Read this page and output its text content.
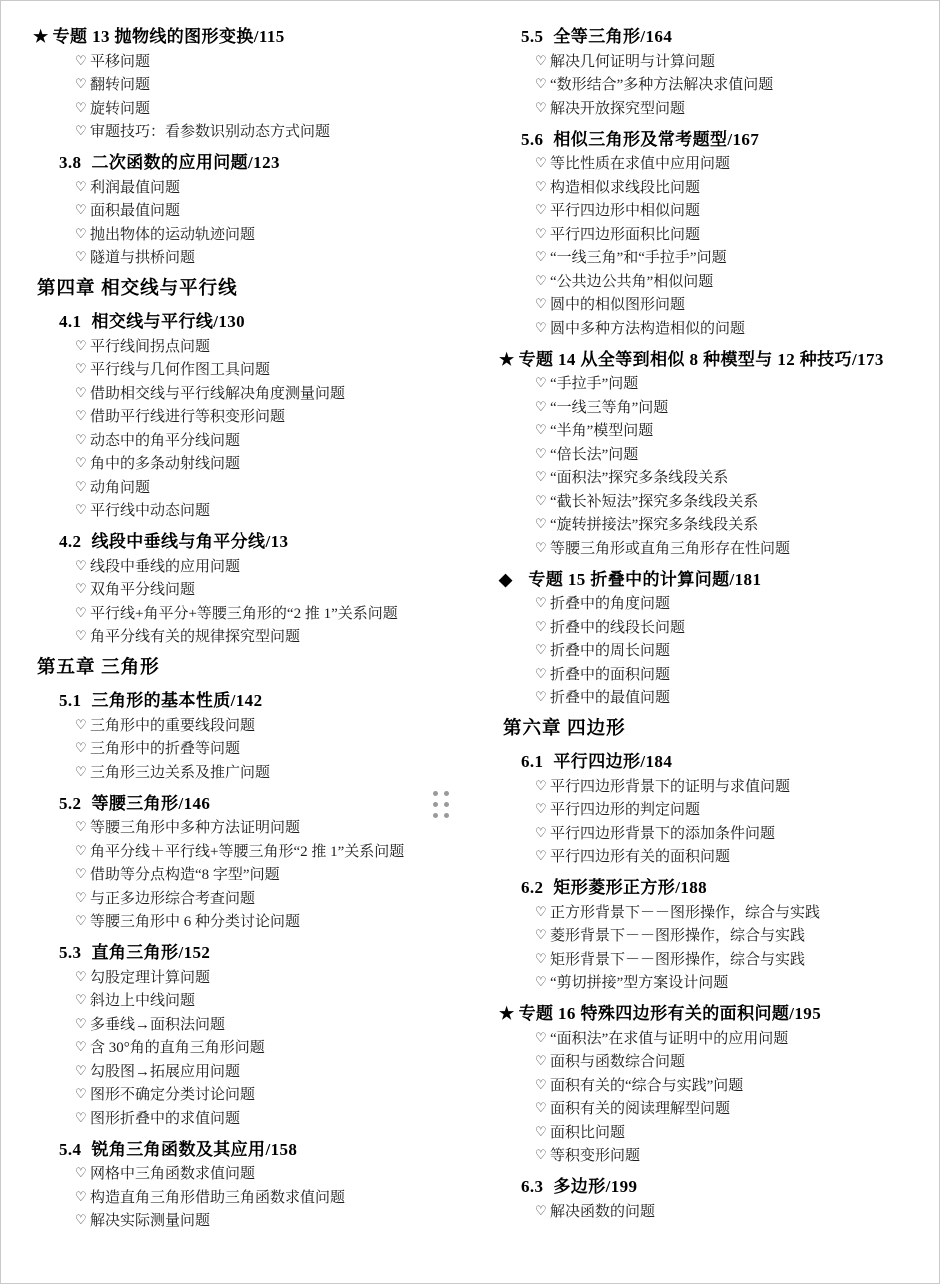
★ 专题 13 抛物线的图形变换/115
♡ 平移问题
♡ 翻转问题
♡ 旋转问题
♡ 审题技巧：看参数识别动态方式问题
3.8 二次函数的应用问题/123
♡ 利润最值问题
♡ 面积最值问题
♡ 抛出物体的运动轨迹问题
♡ 隧道与拱桥问题
第四章 相交线与平行线
4.1 相交线与平行线/130
♡ 平行线间拐点问题
♡ 平行线与几何作图工具问题
♡ 借助相交线与平行线解决角度测量问题
♡ 借助平行线进行等积变形问题
♡ 动态中的角平分线问题
♡ 角中的多条动射线问题
♡ 动角问题
♡ 平行线中动态问题
4.2 线段中垂线与角平分线/13
♡ 线段中垂线的应用问题
♡ 双角平分线问题
♡ 平行线+角平分+等腰三角形的“2 推 1”关系问题
♡ 角平分线有关的规律探究型问题
第五章 三角形
5.1 三角形的基本性质/142
♡ 三角形中的重要线段问题
♡ 三角形中的折叠等问题
♡ 三角形三边关系及推广问题
5.2 等腰三角形/146
♡ 等腰三角形中多种方法证明问题
♡ 角平分线＋平行线+等腰三角形“2 推 1”关系问题
♡ 借助等分点构造“8 字型”问题
♡ 与正多边形综合考查问题
♡ 等腰三角形中 6 种分类讨论问题
5.3 直角三角形/152
♡ 勾股定理计算问题
♡ 斜边上中线问题
♡ 多垂线→面积法问题
♡ 含 30°角的直角三角形问题
♡ 勾股图→拓展应用问题
♡ 图形不确定分类讨论问题
♡ 图形折叠中的求值问题
5.4 锐角三角函数及其应用/158
♡ 网格中三角函数求值问题
♡ 构造直角三角形借助三角函数求值问题
♡ 解决实际测量问题
5.5 全等三角形/164
♡ 解决几何证明与计算问题
♡ “数形结合”多种方法解决求值问题
♡ 解决开放探究型问题
5.6 相似三角形及常考题型/167
♡ 等比性质在求值中应用问题
♡ 构造相似求线段比问题
♡ 平行四边形中相似问题
♡ 平行四边形面积比问题
♡ “一线三角”和“手拉手”问题
♡ “公共边公共角”相似问题
♡ 圆中的相似图形问题
♡ 圆中多种方法构造相似的问题
★ 专题 14 从全等到相似 8 种模型与 12 种技巧/173
♡ “手拉手”问题
♡ “一线三等角”问题
♡ “半角”模型问题
♡ “倍长法”问题
♡ “面积法”探究多条线段关系
♡ “截长补短法”探究多条线段关系
♡ “旋转拼接法”探究多条线段关系
♡ 等腰三角形或直角三角形存在性问题
◆ 专题 15 折叠中的计算问题/181
♡ 折叠中的角度问题
♡ 折叠中的线段长问题
♡ 折叠中的周长问题
♡ 折叠中的面积问题
♡ 折叠中的最值问题
第六章 四边形
6.1 平行四边形/184
♡ 平行四边形背景下的证明与求值问题
♡ 平行四边形的判定问题
♡ 平行四边形背景下的添加条件问题
♡ 平行四边形有关的面积问题
6.2 矩形菱形正方形/188
♡ 正方形背景下－－图形操作，综合与实践
♡ 菱形背景下－－图形操作，综合与实践
♡ 矩形背景下－－图形操作，综合与实践
♡ “剪切拼接”型方案设计问题
★ 专题 16 特殊四边形有关的面积问题/195
♡ “面积法”在求值与证明中的应用问题
♡ 面积与函数综合问题
♡ 面积有关的“综合与实践”问题
♡ 面积有关的阅读理解型问题
♡ 面积比问题
♡ 等积变形问题
6.3 多边形/199
♡ 解决函数的问题
